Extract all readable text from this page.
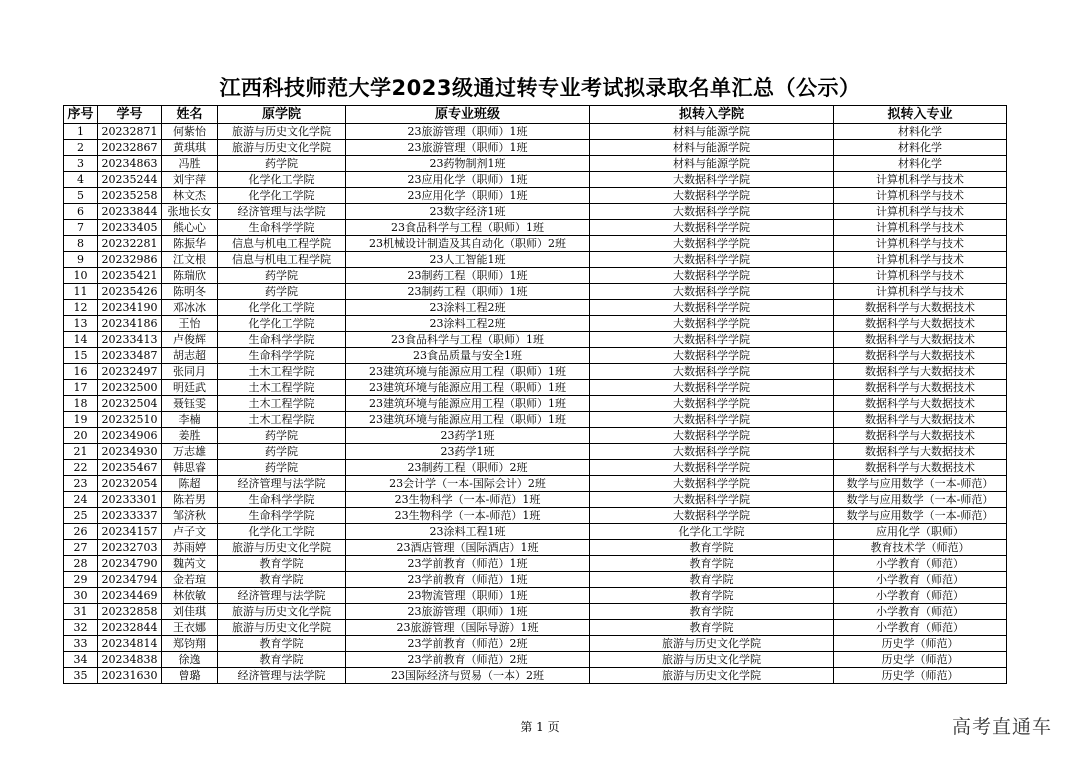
江西科技师范大学2023级通过转专业考试拟录取名单汇总（公示）
序号	学号	姓名	原学院	原专业班级	拟转入学院	拟转入专业
1	20232871	何紫怡	旅游与历史文化学院	23旅游管理（职师）1班	材料与能源学院	材料化学
2	20232867	黄琪琪	旅游与历史文化学院	23旅游管理（职师）1班	材料与能源学院	材料化学
3	20234863	冯胜	药学院	23药物制剂1班	材料与能源学院	材料化学
4	20235244	刘宇萍	化学化工学院	23应用化学（职师）1班	大数据科学学院	计算机科学与技术
5	20235258	林文杰	化学化工学院	23应用化学（职师）1班	大数据科学学院	计算机科学与技术
6	20233844	张地长女	经济管理与法学院	23数字经济1班	大数据科学学院	计算机科学与技术
7	20233405	熊心心	生命科学学院	23食品科学与工程（职师）1班	大数据科学学院	计算机科学与技术
8	20232281	陈振华	信息与机电工程学院	23机械设计制造及其自动化（职师）2班	大数据科学学院	计算机科学与技术
9	20232986	江文根	信息与机电工程学院	23人工智能1班	大数据科学学院	计算机科学与技术
10	20235421	陈瑞欣	药学院	23制药工程（职师）1班	大数据科学学院	计算机科学与技术
11	20235426	陈明冬	药学院	23制药工程（职师）1班	大数据科学学院	计算机科学与技术
12	20234190	邓冰冰	化学化工学院	23涂料工程2班	大数据科学学院	数据科学与大数据技术
13	20234186	王怡	化学化工学院	23涂料工程2班	大数据科学学院	数据科学与大数据技术
14	20233413	卢俊辉	生命科学学院	23食品科学与工程（职师）1班	大数据科学学院	数据科学与大数据技术
15	20233487	胡志超	生命科学学院	23食品质量与安全1班	大数据科学学院	数据科学与大数据技术
16	20232497	张同月	土木工程学院	23建筑环境与能源应用工程（职师）1班	大数据科学学院	数据科学与大数据技术
17	20232500	明廷武	土木工程学院	23建筑环境与能源应用工程（职师）1班	大数据科学学院	数据科学与大数据技术
18	20232504	聂钰雯	土木工程学院	23建筑环境与能源应用工程（职师）1班	大数据科学学院	数据科学与大数据技术
19	20232510	李楠	土木工程学院	23建筑环境与能源应用工程（职师）1班	大数据科学学院	数据科学与大数据技术
20	20234906	姜胜	药学院	23药学1班	大数据科学学院	数据科学与大数据技术
21	20234930	万志雄	药学院	23药学1班	大数据科学学院	数据科学与大数据技术
22	20235467	韩思睿	药学院	23制药工程（职师）2班	大数据科学学院	数据科学与大数据技术
23	20232054	陈超	经济管理与法学院	23会计学（一本-国际会计）2班	大数据科学学院	数学与应用数学（一本-师范）
24	20233301	陈若男	生命科学学院	23生物科学（一本-师范）1班	大数据科学学院	数学与应用数学（一本-师范）
25	20233337	邹济秋	生命科学学院	23生物科学（一本-师范）1班	大数据科学学院	数学与应用数学（一本-师范）
26	20234157	卢子文	化学化工学院	23涂料工程1班	化学化工学院	应用化学（职师）
27	20232703	苏雨婷	旅游与历史文化学院	23酒店管理（国际酒店）1班	教育学院	教育技术学（师范）
28	20234790	魏芮文	教育学院	23学前教育（师范）1班	教育学院	小学教育（师范）
29	20234794	金若瑄	教育学院	23学前教育（师范）1班	教育学院	小学教育（师范）
30	20234469	林依敏	经济管理与法学院	23物流管理（职师）1班	教育学院	小学教育（师范）
31	20232858	刘佳琪	旅游与历史文化学院	23旅游管理（职师）1班	教育学院	小学教育（师范）
32	20232844	王衣娜	旅游与历史文化学院	23旅游管理（国际导游）1班	教育学院	小学教育（师范）
33	20234814	郑钧翔	教育学院	23学前教育（师范）2班	旅游与历史文化学院	历史学（师范）
34	20234838	徐逸	教育学院	23学前教育（师范）2班	旅游与历史文化学院	历史学（师范）
35	20231630	曾璐	经济管理与法学院	23国际经济与贸易（一本）2班	旅游与历史文化学院	历史学（师范）
第 1 页	高考直通车
